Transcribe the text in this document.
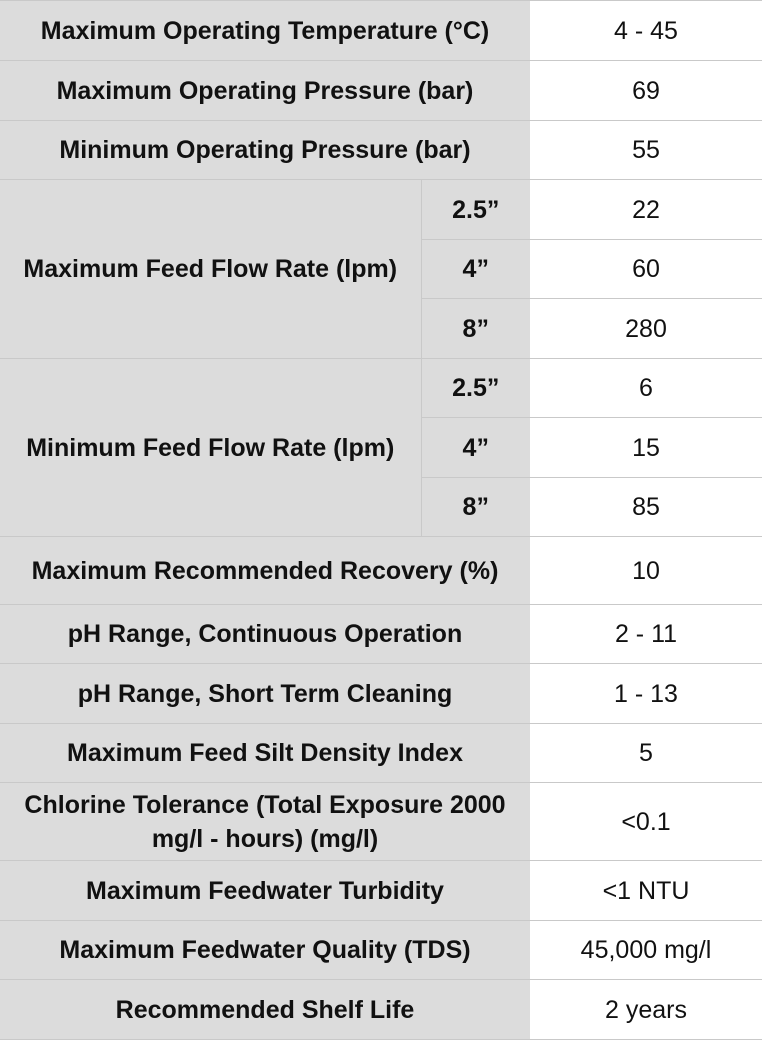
Maximum Operating Temperature (°C)		4 - 45
Maximum Operating Pressure (bar)		69
Minimum Operating Pressure (bar)		55
Maximum Feed Flow Rate (lpm)	2.5”	22
	4”	60
	8”	280
Minimum Feed Flow Rate (lpm)	2.5”	6
	4”	15
	8”	85
Maximum Recommended Recovery (%)		10
pH Range, Continuous Operation		2 - 11
pH Range, Short Term Cleaning		1 - 13
Maximum Feed Silt Density Index		5
Chlorine Tolerance (Total Exposure 2000 mg/l - hours) (mg/l)		<0.1
Maximum Feedwater Turbidity		<1 NTU
Maximum Feedwater Quality (TDS)		45,000 mg/l
Recommended Shelf Life		2 years
